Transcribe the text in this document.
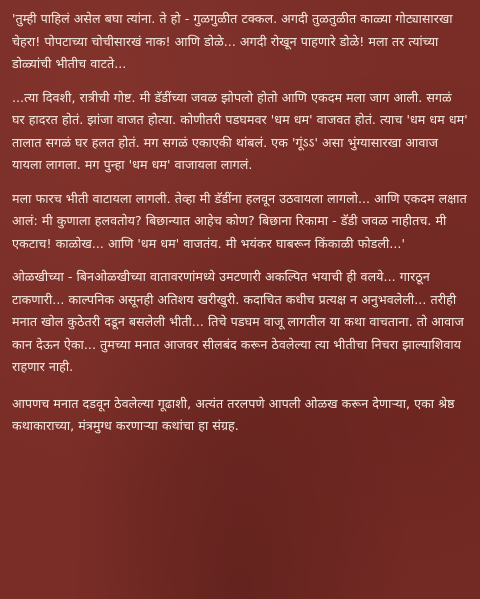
'तुम्ही पाहिलं असेल बघा त्यांना. ते हो - गुळगुळीत टक्कल. अगदी तुळतुळीत काळ्या गोट्यासारखा चेहरा! पोपटाच्या चोचीसारखं नाक! आणि डोळे... अगदी रोखून पाहणारे डोळे! मला तर त्यांच्या डोळ्यांची भीतीच वाटते...

...त्या दिवशी, रात्रीची गोष्ट. मी डॅडींच्या जवळ झोपलो होतो आणि एकदम मला जाग आली. सगळं घर हादरत होतं. झांजा वाजत होत्या. कोणीतरी पडघमवर 'धम धम' वाजवत होतं. त्याच 'धम धम धम' तालात सगळं घर हलत होतं. मग सगळं एकाएकी थांबलं. एक 'गूंऽऽ' असा भुंग्यासारखा आवाज यायला लागला. मग पुन्हा 'धम धम' वाजायला लागलं.

मला फारच भीती वाटायला लागली. तेव्हा मी डॅडींना हलवून उठवायला लागलो... आणि एकदम लक्षात आलं: मी कुणाला हलवतोय? बिछान्यात आहेच कोण? बिछाना रिकामा - डॅडी जवळ नाहीतच. मी एकटाच! काळोख... आणि 'धम धम' वाजतंय. मी भयंकर घाबरून किंकाळी फोडली...'

ओळखीच्या - बिनओळखीच्या वातावरणांमध्ये उमटणारी अकल्पित भयाची ही वलये... गारठून टाकणारी... काल्पनिक असूनही अतिशय खरीखुरी. कदाचित कधीच प्रत्यक्ष न अनुभवलेली... तरीही मनात खोल कुठेतरी दडून बसलेली भीती... तिचे पडघम वाजू लागतील या कथा वाचताना. तो आवाज कान देऊन ऐका... तुमच्या मनात आजवर सीलबंद करून ठेवलेल्या त्या भीतीचा निचरा झाल्याशिवाय राहणार नाही.

आपणच मनात दडवून ठेवलेल्या गूढाशी, अत्यंत तरलपणे आपली ओळख करून देणाऱ्या, एका श्रेष्ठ कथाकाराच्या, मंत्रमुग्ध करणाऱ्या कथांचा हा संग्रह.
